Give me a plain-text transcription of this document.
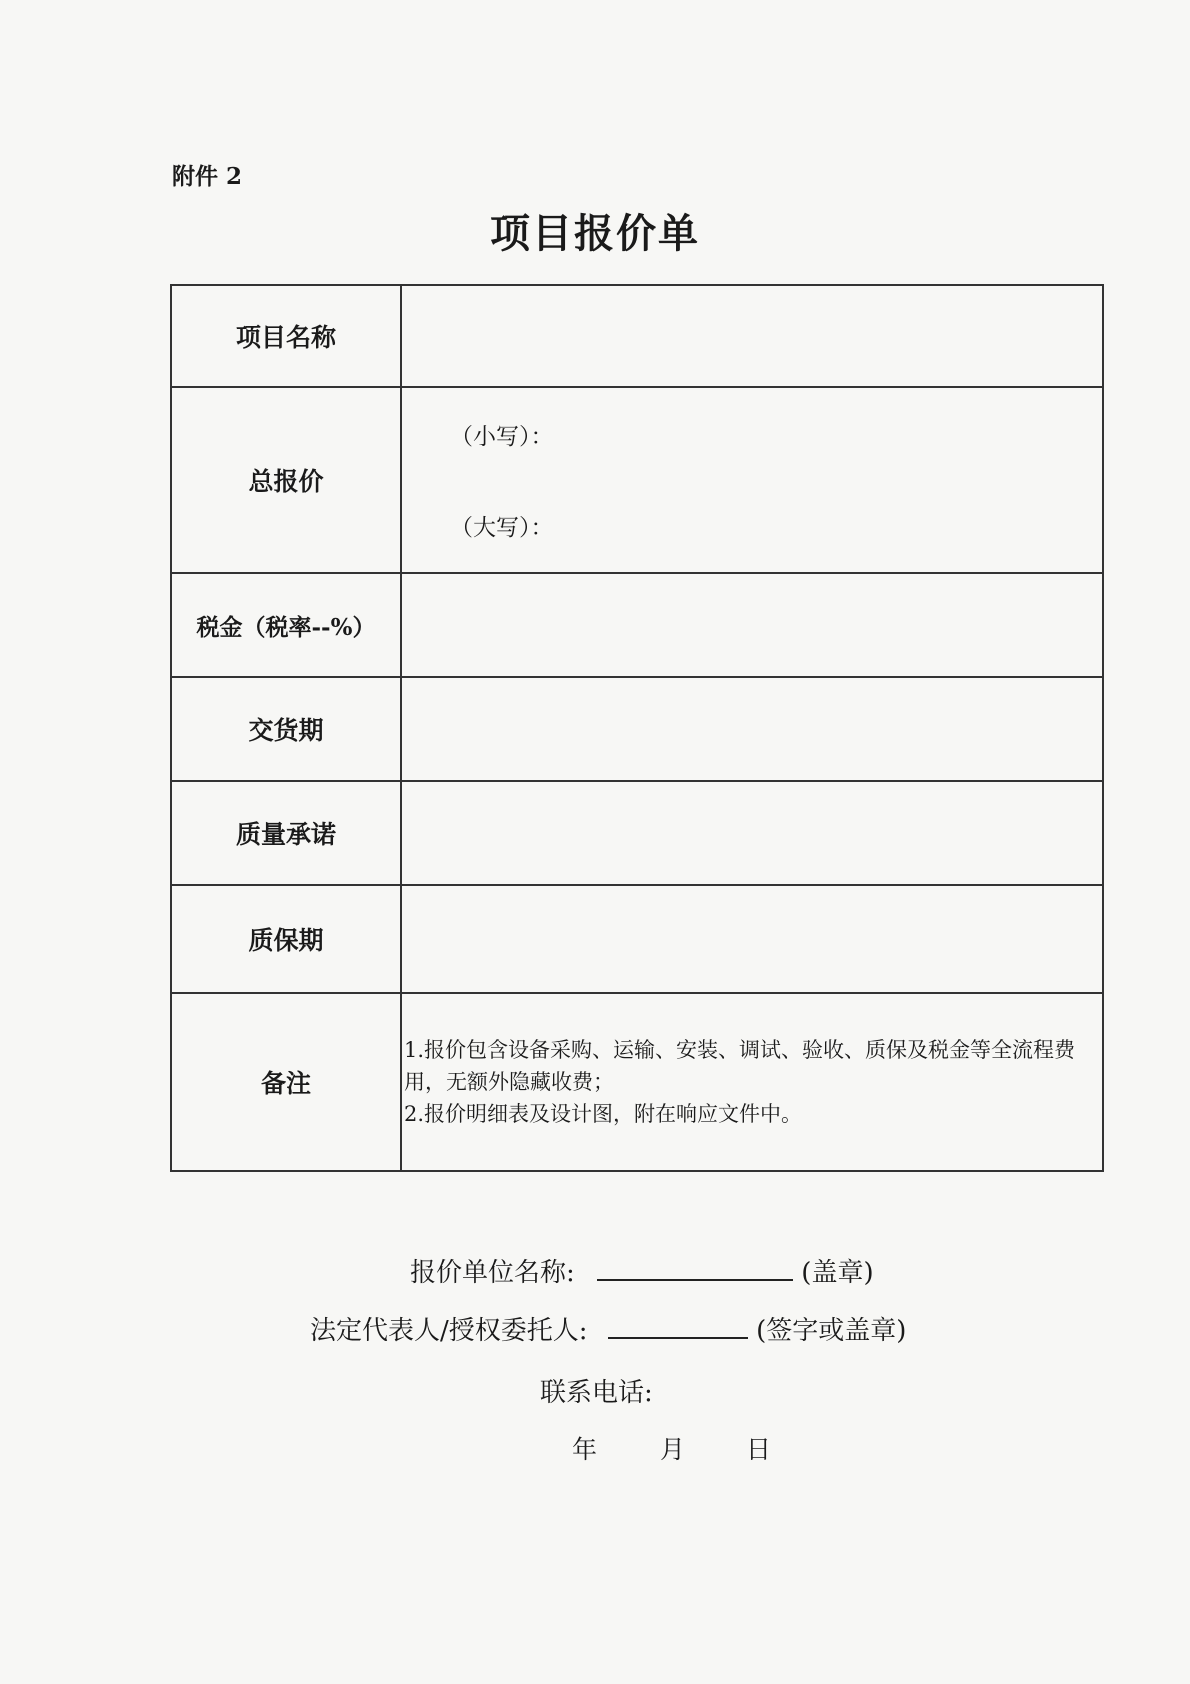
附件 2
项目报价单
项目名称	
总报价	（小写）：
（大写）：

税金（税率--%）	
交货期	
质量承诺	
质保期	
备注	1.报价包含设备采购、运输、安装、调试、验收、质保及税金等全流程费用，无额外隐藏收费；
2.报价明细表及设计图，附在响应文件中。
报价单位名称:	(盖章)
法定代表人/授权委托人:	(签字或盖章)
联系电话:
年	月 日
